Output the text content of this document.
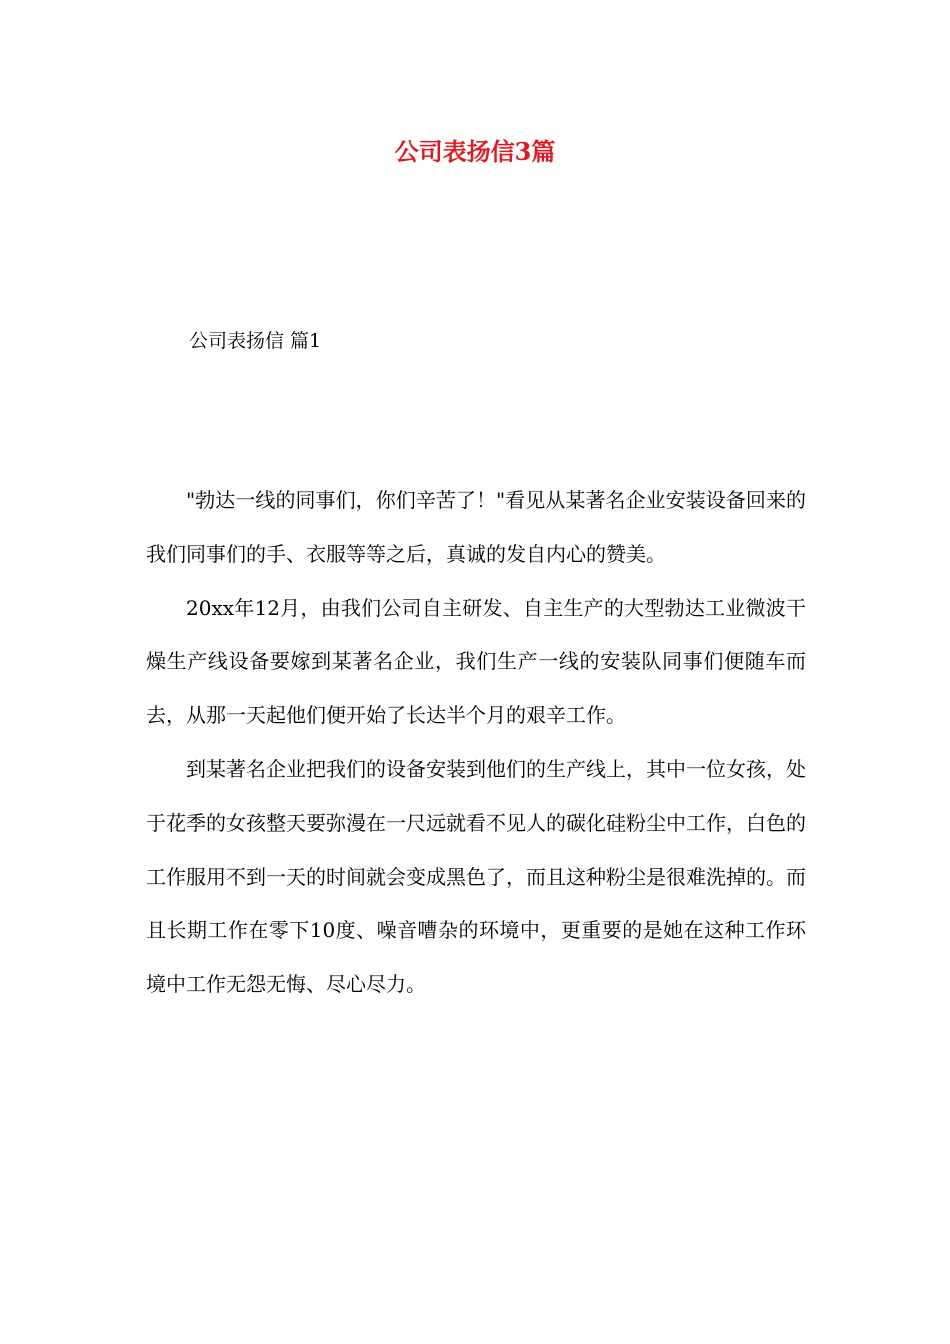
公司表扬信3篇

公司表扬信 篇1

"勃达一线的同事们，你们辛苦了！"看见从某著名企业安装设备回来的我们同事们的手、衣服等等之后，真诚的发自内心的赞美。

20xx年12月，由我们公司自主研发、自主生产的大型勃达工业微波干燥生产线设备要嫁到某著名企业，我们生产一线的安装队同事们便随车而去，从那一天起他们便开始了长达半个月的艰辛工作。

到某著名企业把我们的设备安装到他们的生产线上，其中一位女孩，处于花季的女孩整天要弥漫在一尺远就看不见人的碳化硅粉尘中工作，白色的工作服用不到一天的时间就会变成黑色了，而且这种粉尘是很难洗掉的。而且长期工作在零下10度、噪音嘈杂的环境中，更重要的是她在这种工作环境中工作无怨无悔、尽心尽力。
